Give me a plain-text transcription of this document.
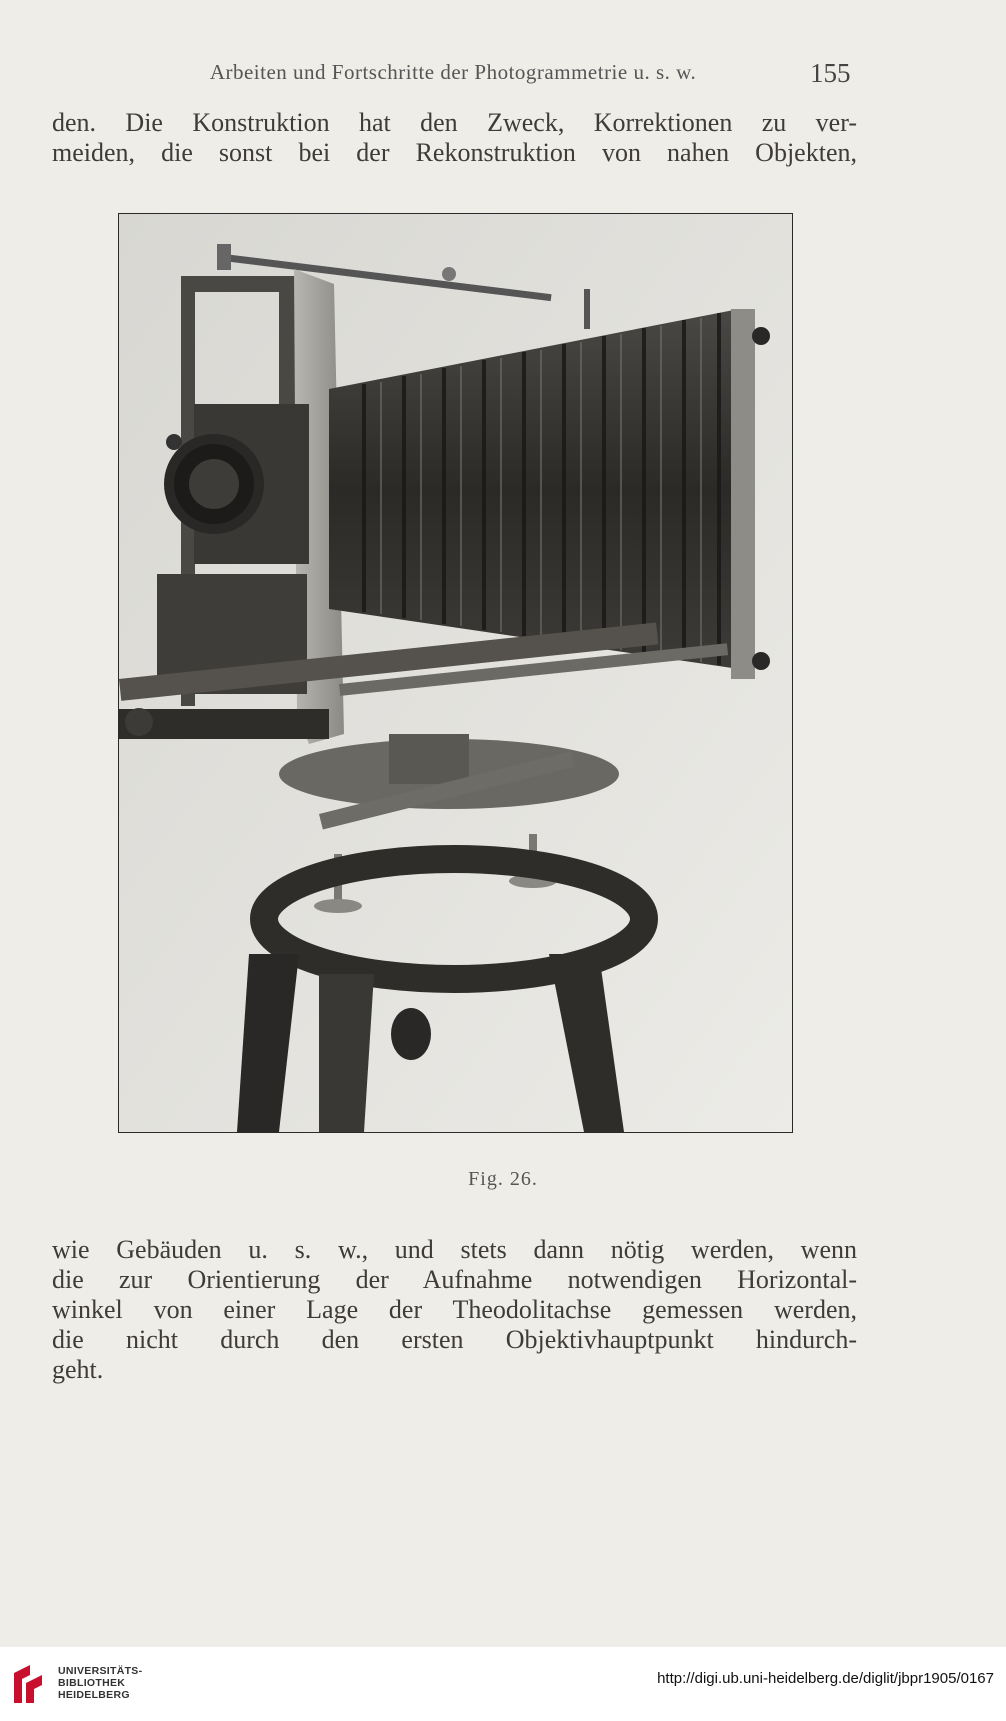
Arbeiten und Fortschritte der Photogrammetrie u. s. w.	155
den. Die Konstruktion hat den Zweck, Korrektionen zu ver-
meiden, die sonst bei der Rekonstruktion von nahen Objekten,
Fig. 26.
wie Gebäuden u. s. w., und stets dann nötig werden, wenn
die zur Orientierung der Aufnahme notwendigen Horizontal-
winkel von einer Lage der Theodolitachse gemessen werden,
die nicht durch den ersten Objektivhauptpunkt hindurch-
geht.
UNIVERSITÄTS-
BIBLIOTHEK
HEIDELBERG
http://digi.ub.uni-heidelberg.de/diglit/jbpr1905/0167
